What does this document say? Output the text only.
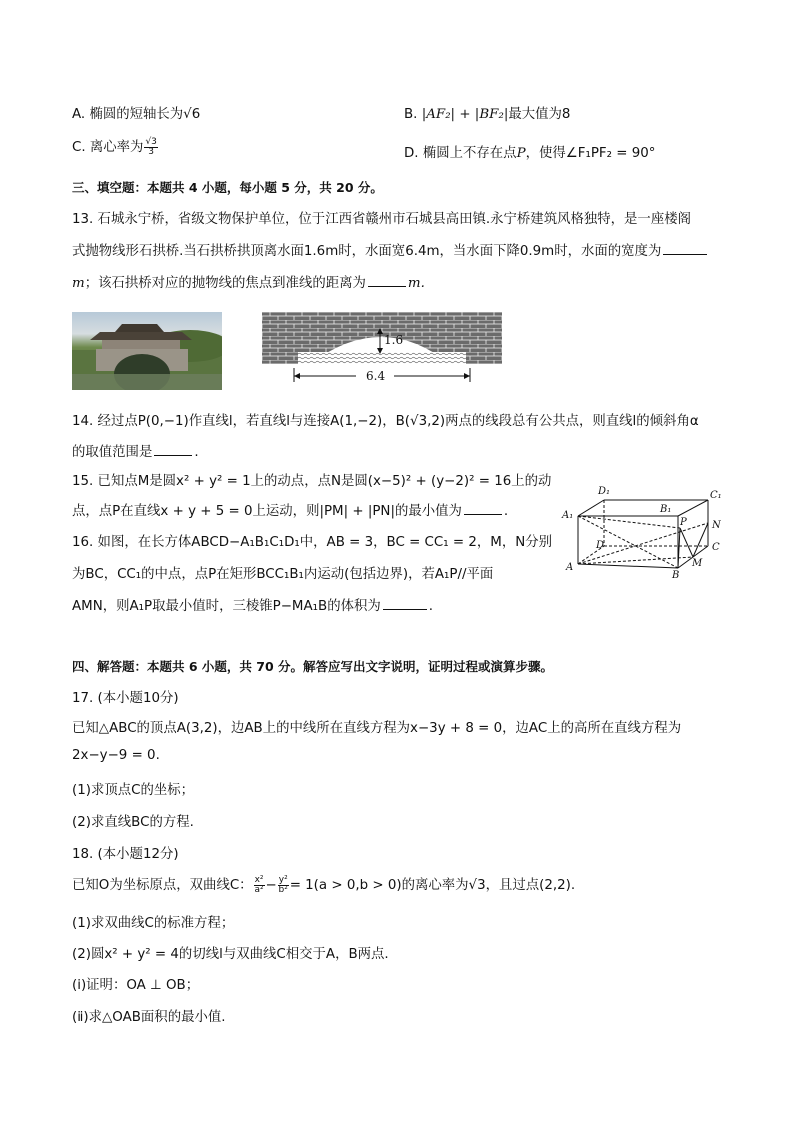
A. 椭圆的短轴长为√6	B. |AF₂| + |BF₂|最大值为8
C. 离心率为 $\frac{√3}{3}$	D. 椭圆上不存在点P，使得∠F₁PF₂ = 90°
三、填空题：本题共 4 小题，每小题 5 分，共 20 分。
13. 石城永宁桥，省级文物保护单位，位于江西省赣州市石城县高田镇.永宁桥建筑风格独特，是一座楼阁
式抛物线形石拱桥.当石拱桥拱顶离水面1.6m时，水面宽6.4m，当水面下降0.9m时，水面的宽度为
m；该石拱桥对应的抛物线的焦点到准线的距离为	m.
1.6
6.4
14. 经过点P(0,−1)作直线l，若直线l与连接A(1,−2)，B(√3,2)两点的线段总有公共点，则直线l的倾斜角α
的取值范围是	.
15. 已知点M是圆x² + y² = 1上的动点，点N是圆(x−5)² + (y−2)² = 16上的动
点，点P在直线x + y + 5 = 0上运动，则|PM| + |PN|的最小值为	.
16. 如图，在长方体ABCD−A₁B₁C₁D₁中，AB = 3，BC = CC₁ = 2，M，N分别
为BC，CC₁的中点，点P在矩形BCC₁B₁内运动(包括边界)，若A₁P//平面
AMN，则A₁P取最小值时，三棱锥P−MA₁B的体积为	.
D₁	C₁
A₁
B₁
P	N
D	C
A
B
M
四、解答题：本题共 6 小题，共 70 分。解答应写出文字说明，证明过程或演算步骤。
17. (本小题10分)
已知△ABC的顶点A(3,2)，边AB上的中线所在直线方程为x−3y + 8 = 0，边AC上的高所在直线方程为
2x−y−9 = 0.
(1)求顶点C的坐标；
(2)求直线BC的方程.
18. (本小题12分)
已知O为坐标原点，双曲线C： $\frac{\text{x²}}{\text{a²}} - \frac{\text{y²}}{\text{b²}} = 1(a > 0,b > 0)$的离心率为√3，且过点(2,2).
(1)求双曲线C的标准方程；
(2)圆x² + y² = 4的切线l与双曲线C相交于A，B两点.
(ⅰ)证明：OA ⊥ OB；
(ⅱ)求△OAB面积的最小值.
